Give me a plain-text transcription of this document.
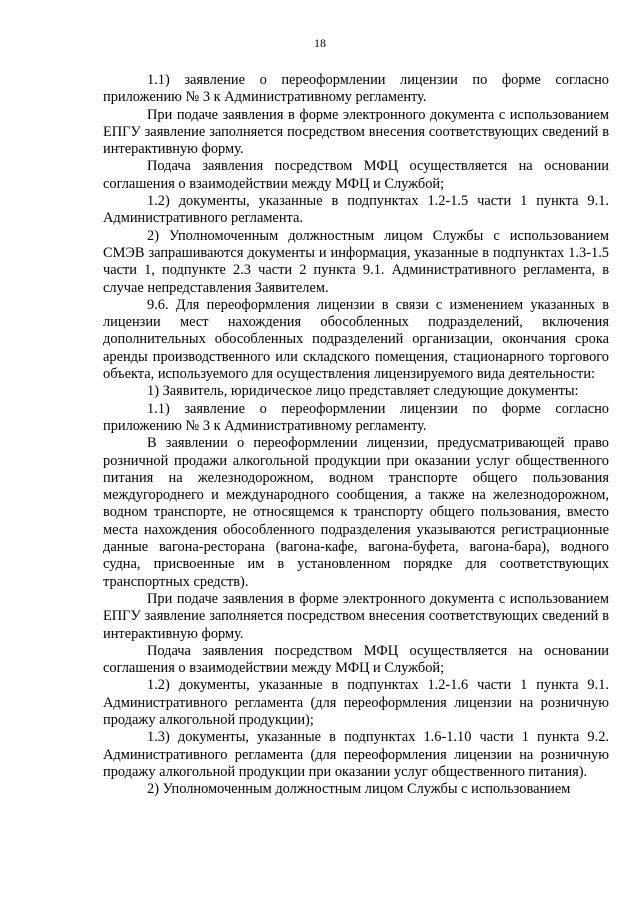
18

1.1) заявление о переоформлении лицензии по форме согласно приложению № 3 к Административному регламенту.

При подаче заявления в форме электронного документа с использованием ЕПГУ заявление заполняется посредством внесения соответствующих сведений в интерактивную форму.

Подача заявления посредством МФЦ осуществляется на основании соглашения о взаимодействии между МФЦ и Службой;

1.2) документы, указанные в подпунктах 1.2-1.5 части 1 пункта 9.1. Административного регламента.

2) Уполномоченным должностным лицом Службы с использованием СМЭВ запрашиваются документы и информация, указанные в подпунктах 1.3-1.5 части 1, подпункте 2.3 части 2 пункта 9.1. Административного регламента, в случае непредставления Заявителем.

9.6. Для переоформления лицензии в связи с изменением указанных в лицензии мест нахождения обособленных подразделений, включения дополнительных обособленных подразделений организации, окончания срока аренды производственного или складского помещения, стационарного торгового объекта, используемого для осуществления лицензируемого вида деятельности:

1) Заявитель, юридическое лицо представляет следующие документы:

1.1) заявление о переоформлении лицензии по форме согласно приложению № 3 к Административному регламенту.

В заявлении о переоформлении лицензии, предусматривающей право розничной продажи алкогольной продукции при оказании услуг общественного питания на железнодорожном, водном транспорте общего пользования междугороднего и международного сообщения, а также на железнодорожном, водном транспорте, не относящемся к транспорту общего пользования, вместо места нахождения обособленного подразделения указываются регистрационные данные вагона-ресторана (вагона-кафе, вагона-буфета, вагона-бара), водного судна, присвоенные им в установленном порядке для соответствующих транспортных средств).

При подаче заявления в форме электронного документа с использованием ЕПГУ заявление заполняется посредством внесения соответствующих сведений в интерактивную форму.

Подача заявления посредством МФЦ осуществляется на основании соглашения о взаимодействии между МФЦ и Службой;

1.2) документы, указанные в подпунктах 1.2-1.6 части 1 пункта 9.1. Административного регламента (для переоформления лицензии на розничную продажу алкогольной продукции);

1.3) документы, указанные в подпунктах 1.6-1.10 части 1 пункта 9.2. Административного регламента (для переоформления лицензии на розничную продажу алкогольной продукции при оказании услуг общественного питания).

2) Уполномоченным должностным лицом Службы с использованием
